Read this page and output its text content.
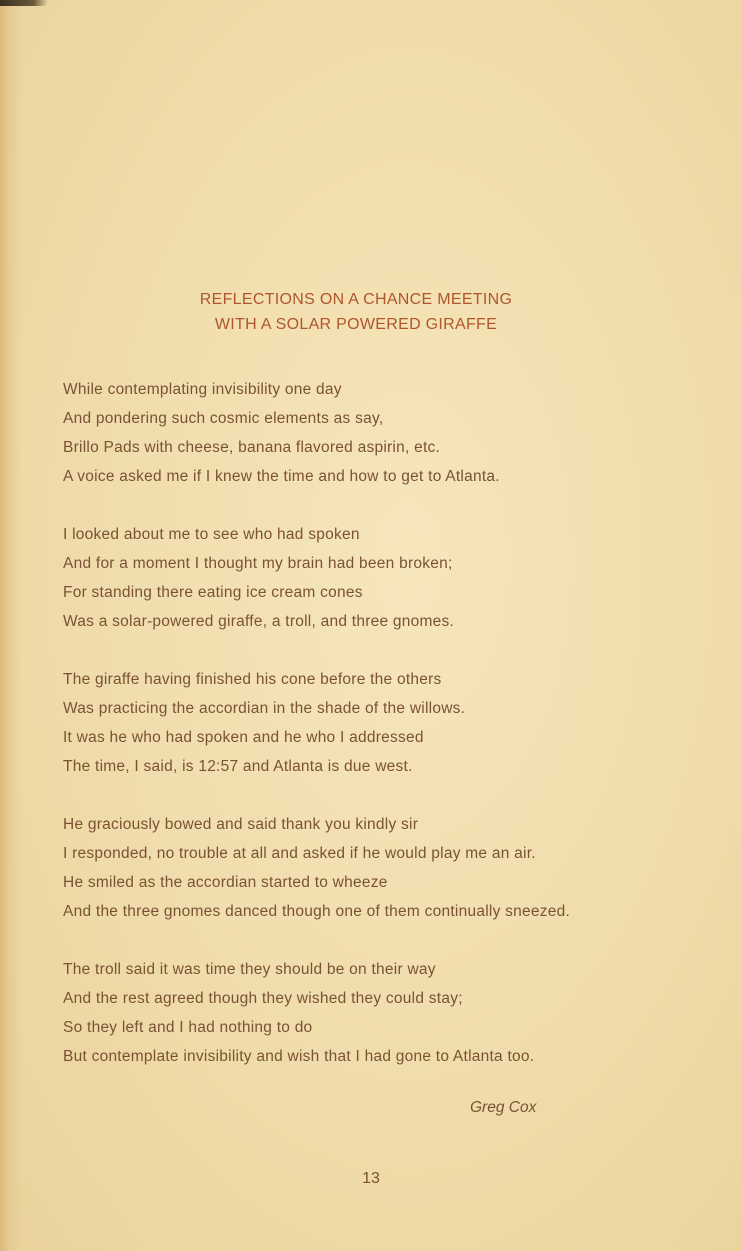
REFLECTIONS ON A CHANCE MEETING
WITH A SOLAR POWERED GIRAFFE
While contemplating invisibility one day
And pondering such cosmic elements as say,
Brillo Pads with cheese, banana flavored aspirin, etc.
A voice asked me if I knew the time and how to get to Atlanta.
I looked about me to see who had spoken
And for a moment I thought my brain had been broken;
For standing there eating ice cream cones
Was a solar-powered giraffe, a troll, and three gnomes.
The giraffe having finished his cone before the others
Was practicing the accordian in the shade of the willows.
It was he who had spoken and he who I addressed
The time, I said, is 12:57 and Atlanta is due west.
He graciously bowed and said thank you kindly sir
I responded, no trouble at all and asked if he would play me an air.
He smiled as the accordian started to wheeze
And the three gnomes danced though one of them continually sneezed.
The troll said it was time they should be on their way
And the rest agreed though they wished they could stay;
So they left and I had nothing to do
But contemplate invisibility and wish that I had gone to Atlanta too.
Greg Cox
13
